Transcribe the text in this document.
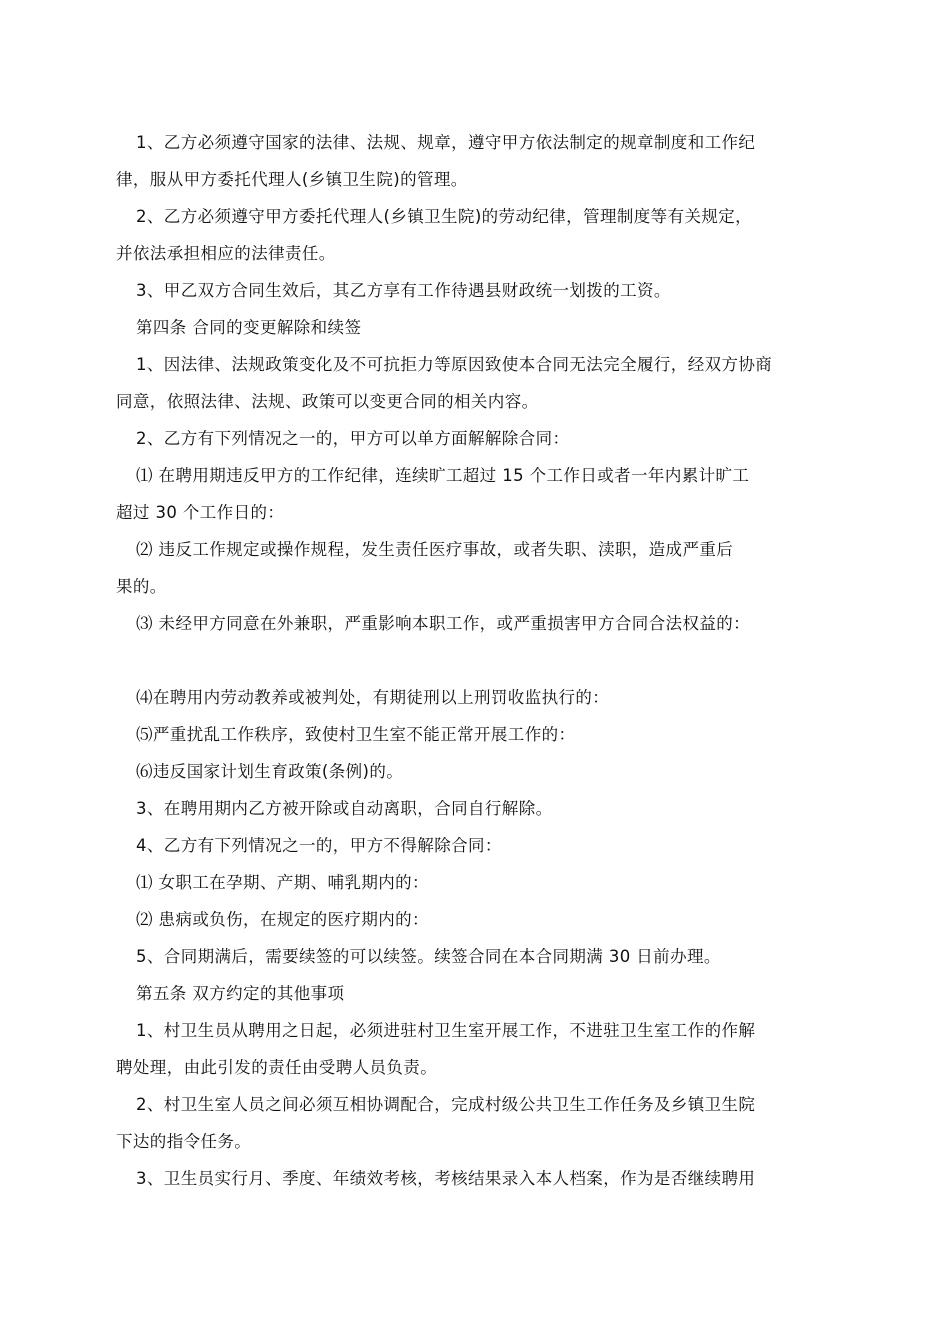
1、乙方必须遵守国家的法律、法规、规章，遵守甲方依法制定的规章制度和工作纪
律，服从甲方委托代理人(乡镇卫生院)的管理。

2、乙方必须遵守甲方委托代理人(乡镇卫生院)的劳动纪律，管理制度等有关规定，
并依法承担相应的法律责任。

3、甲乙双方合同生效后，其乙方享有工作待遇县财政统一划拨的工资。

第四条 合同的变更解除和续签

1、因法律、法规政策变化及不可抗拒力等原因致使本合同无法完全履行，经双方协商
同意，依照法律、法规、政策可以变更合同的相关内容。

2、乙方有下列情况之一的，甲方可以单方面解解除合同：

⑴ 在聘用期违反甲方的工作纪律，连续旷工超过 15 个工作日或者一年内累计旷工
超过 30 个工作日的：

⑵ 违反工作规定或操作规程，发生责任医疗事故，或者失职、渎职，造成严重后
果的。

⑶ 未经甲方同意在外兼职，严重影响本职工作，或严重损害甲方合同合法权益的：

⑷在聘用内劳动教养或被判处，有期徒刑以上刑罚收监执行的：

⑸严重扰乱工作秩序，致使村卫生室不能正常开展工作的：

⑹违反国家计划生育政策(条例)的。

3、在聘用期内乙方被开除或自动离职，合同自行解除。

4、乙方有下列情况之一的，甲方不得解除合同：

⑴ 女职工在孕期、产期、哺乳期内的：

⑵ 患病或负伤，在规定的医疗期内的：

5、合同期满后，需要续签的可以续签。续签合同在本合同期满 30 日前办理。

第五条 双方约定的其他事项

1、村卫生员从聘用之日起，必须进驻村卫生室开展工作，不进驻卫生室工作的作解
聘处理，由此引发的责任由受聘人员负责。

2、村卫生室人员之间必须互相协调配合，完成村级公共卫生工作任务及乡镇卫生院
下达的指令任务。

3、卫生员实行月、季度、年绩效考核，考核结果录入本人档案，作为是否继续聘用
